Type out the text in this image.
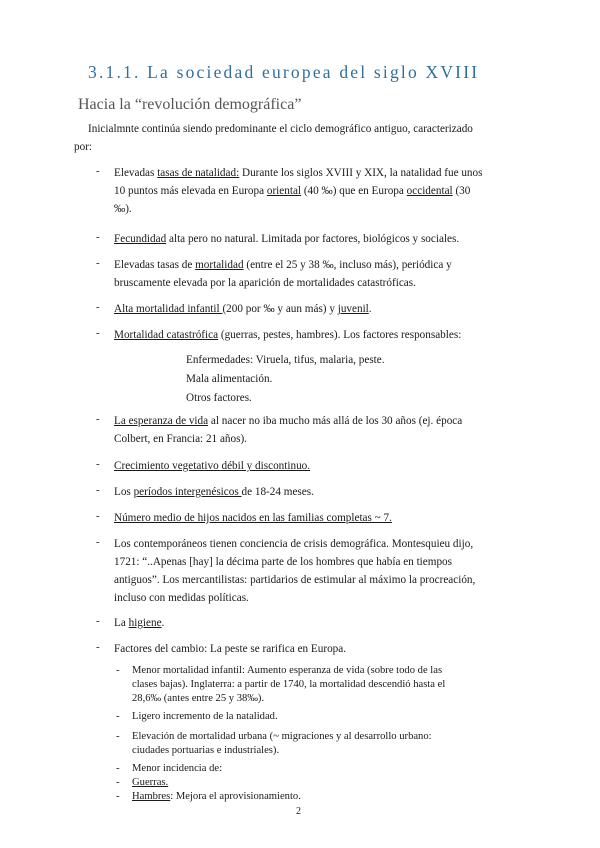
3.1.1. La sociedad europea del siglo XVIII
Hacia la “revolución demográfica”
Inicialmnte continúa siendo predominante el ciclo demográfico antiguo, caracterizado
por:
- Elevadas tasas de natalidad: Durante los siglos XVIII y XIX, la natalidad fue unos
10 puntos más elevada en Europa oriental (40 ‰) que en Europa occidental (30
‰).
- Fecundidad alta pero no natural. Limitada por factores, biológicos y sociales.
- Elevadas tasas de mortalidad (entre el 25 y 38 ‰, incluso más), periódica y
bruscamente elevada por la aparición de mortalidades catastróficas.
- Alta mortalidad infantil (200 por ‰ y aun más) y juvenil.
- Mortalidad catastrófica (guerras, pestes, hambres). Los factores responsables:
Enfermedades: Viruela, tifus, malaria, peste.
Mala alimentación.
Otros factores.
- La esperanza de vida al nacer no iba mucho más allá de los 30 años (ej. época
Colbert, en Francia: 21 años).
- Crecimiento vegetativo débil y discontinuo.
- Los períodos intergenésicos de 18-24 meses.
- Número medio de hijos nacidos en las familias completas ~ 7.
- Los contemporáneos tienen conciencia de crisis demográfica. Montesquieu dijo,
1721: “..Apenas [hay] la décima parte de los hombres que había en tiempos
antiguos”. Los mercantilistas: partidarios de estimular al máximo la procreación,
incluso con medidas políticas.
- La higiene.
- Factores del cambio: La peste se rarifica en Europa.
- Menor mortalidad infantil: Aumento esperanza de vida (sobre todo de las
clases bajas). Inglaterra: a partir de 1740, la mortalidad descendió hasta el
28,6‰ (antes entre 25 y 38‰).
- Ligero incremento de la natalidad.
- Elevación de mortalidad urbana (~ migraciones y al desarrollo urbano:
ciudades portuarias e industriales).
- Menor incidencia de:
- Guerras.
- Hambres: Mejora el aprovisionamiento.
2
